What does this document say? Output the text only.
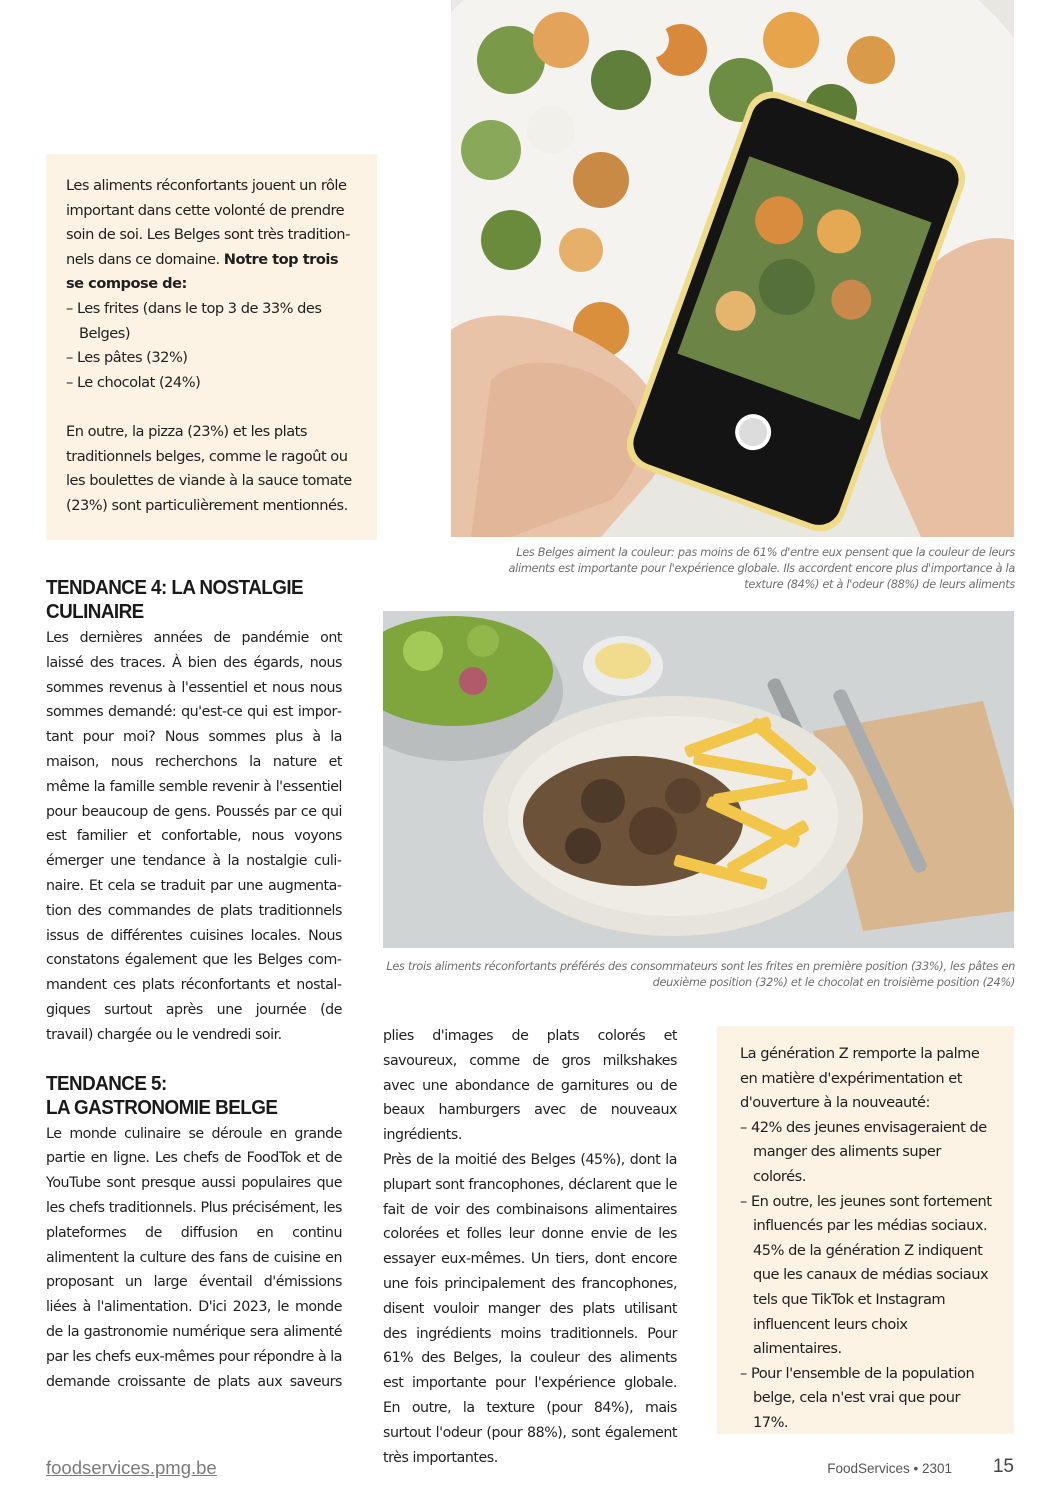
Les aliments réconfortants jouent un rôle important dans cette volonté de prendre soin de soi. Les Belges sont très traditionnels dans ce domaine. Notre top trois se compose de:

– Les frites (dans le top 3 de 33% des Belges)
– Les pâtes (32%)
– Le chocolat (24%)

En outre, la pizza (23%) et les plats traditionnels belges, comme le ragoût ou les boulettes de viande à la sauce tomate (23%) sont particulièrement mentionnés.

Les Belges aiment la couleur: pas moins de 61% d'entre eux pensent que la couleur de leurs aliments est importante pour l'expérience globale. Ils accordent encore plus d'importance à la texture (84%) et à l'odeur (88%) de leurs aliments
Les trois aliments réconfortants préférés des consommateurs sont les frites en première position (33%), les pâtes en deuxième position (32%) et le chocolat en troisième position (24%)
TENDANCE 4: LA NOSTALGIE
CULINAIRE

Les dernières années de pandémie ont laissé des traces. À bien des égards, nous sommes revenus à l'essentiel et nous nous sommes demandé: qu'est-ce qui est important pour moi? Nous sommes plus à la maison, nous recherchons la nature et même la famille semble revenir à l'essentiel pour beaucoup de gens. Poussés par ce qui est familier et confortable, nous voyons émerger une tendance à la nostalgie culinaire. Et cela se traduit par une augmentation des commandes de plats traditionnels issus de différentes cuisines locales. Nous constatons également que les Belges commandent ces plats réconfortants et nostalgiques surtout après une journée (de travail) chargée ou le vendredi soir.

TENDANCE 5:
LA GASTRONOMIE BELGE

Le monde culinaire se déroule en grande partie en ligne. Les chefs de FoodTok et de YouTube sont presque aussi populaires que les chefs traditionnels. Plus précisément, les plateformes de diffusion en continu alimentent la culture des fans de cuisine en proposant un large éventail d'émissions liées à l'alimentation. D'ici 2023, le monde de la gastronomie numérique sera alimenté par les chefs eux-mêmes pour répondre à la demande croissante de plats aux saveurs

plies d'images de plats colorés et savoureux, comme de gros milkshakes avec une abondance de garnitures ou de beaux hamburgers avec de nouveaux ingrédients.

Près de la moitié des Belges (45%), dont la plupart sont francophones, déclarent que le fait de voir des combinaisons alimentaires colorées et folles leur donne envie de les essayer eux-mêmes. Un tiers, dont encore une fois principalement des francophones, disent vouloir manger des plats utilisant des ingrédients moins traditionnels. Pour 61% des Belges, la couleur des aliments est importante pour l'expérience globale. En outre, la texture (pour 84%), mais surtout l'odeur (pour 88%), sont également très importantes.

La génération Z remporte la palme en matière d'expérimentation et d'ouverture à la nouveauté:

– 42% des jeunes envisageraient de manger des aliments super colorés.
– En outre, les jeunes sont fortement influencés par les médias sociaux. 45% de la génération Z indiquent que les canaux de médias sociaux tels que TikTok et Instagram influencent leurs choix alimentaires.
– Pour l'ensemble de la population belge, cela n'est vrai que pour 17%.
foodservices.pmg.be	FoodServices • 2301 15
